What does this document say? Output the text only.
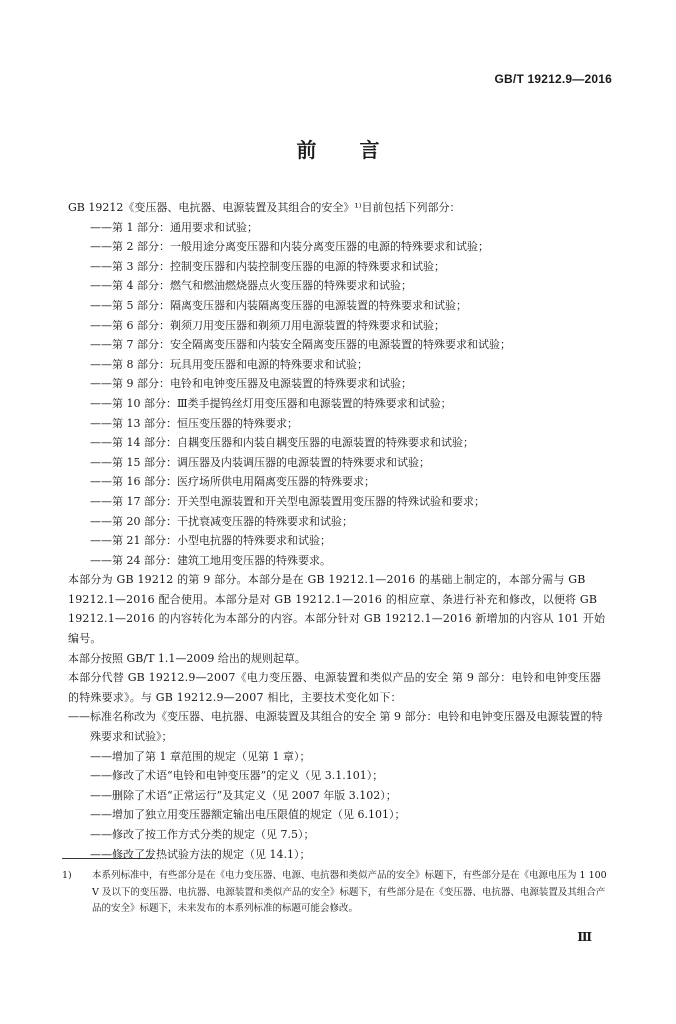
GB/T 19212.9—2016
前 言
GB 19212《变压器、电抗器、电源装置及其组合的安全》¹⁾目前包括下列部分：
——第 1 部分：通用要求和试验；
——第 2 部分：一般用途分离变压器和内装分离变压器的电源的特殊要求和试验；
——第 3 部分：控制变压器和内装控制变压器的电源的特殊要求和试验；
——第 4 部分：燃气和燃油燃烧器点火变压器的特殊要求和试验；
——第 5 部分：隔离变压器和内装隔离变压器的电源装置的特殊要求和试验；
——第 6 部分：剃须刀用变压器和剃须刀用电源装置的特殊要求和试验；
——第 7 部分：安全隔离变压器和内装安全隔离变压器的电源装置的特殊要求和试验；
——第 8 部分：玩具用变压器和电源的特殊要求和试验；
——第 9 部分：电铃和电钟变压器及电源装置的特殊要求和试验；
——第 10 部分：Ⅲ类手提钨丝灯用变压器和电源装置的特殊要求和试验；
——第 13 部分：恒压变压器的特殊要求；
——第 14 部分：自耦变压器和内装自耦变压器的电源装置的特殊要求和试验；
——第 15 部分：调压器及内装调压器的电源装置的特殊要求和试验；
——第 16 部分：医疗场所供电用隔离变压器的特殊要求；
——第 17 部分：开关型电源装置和开关型电源装置用变压器的特殊试验和要求；
——第 20 部分：干扰衰减变压器的特殊要求和试验；
——第 21 部分：小型电抗器的特殊要求和试验；
——第 24 部分：建筑工地用变压器的特殊要求。
本部分为 GB 19212 的第 9 部分。本部分是在 GB 19212.1—2016 的基础上制定的，本部分需与 GB 19212.1—2016 配合使用。本部分是对 GB 19212.1—2016 的相应章、条进行补充和修改，以便将 GB 19212.1—2016 的内容转化为本部分的内容。本部分针对 GB 19212.1—2016 新增加的内容从 101 开始编号。
本部分按照 GB/T 1.1—2009 给出的规则起草。
本部分代替 GB 19212.9—2007《电力变压器、电源装置和类似产品的安全 第 9 部分：电铃和电钟变压器的特殊要求》。与 GB 19212.9—2007 相比，主要技术变化如下：
——标准名称改为《变压器、电抗器、电源装置及其组合的安全 第 9 部分：电铃和电钟变压器及电源装置的特殊要求和试验》；
——增加了第 1 章范围的规定（见第 1 章）；
——修改了术语“电铃和电钟变压器”的定义（见 3.1.101）；
——删除了术语“正常运行”及其定义（见 2007 年版 3.102）；
——增加了独立用变压器额定输出电压限值的规定（见 6.101）；
——修改了按工作方式分类的规定（见 7.5）；
——修改了发热试验方法的规定（见 14.1）；
1)	本系列标准中，有些部分是在《电力变压器、电源、电抗器和类似产品的安全》标题下，有些部分是在《电源电压为 1 100 V 及以下的变压器、电抗器、电源装置和类似产品的安全》标题下，有些部分是在《变压器、电抗器、电源装置及其组合产品的安全》标题下，未来发布的本系列标准的标题可能会修改。
Ⅲ
